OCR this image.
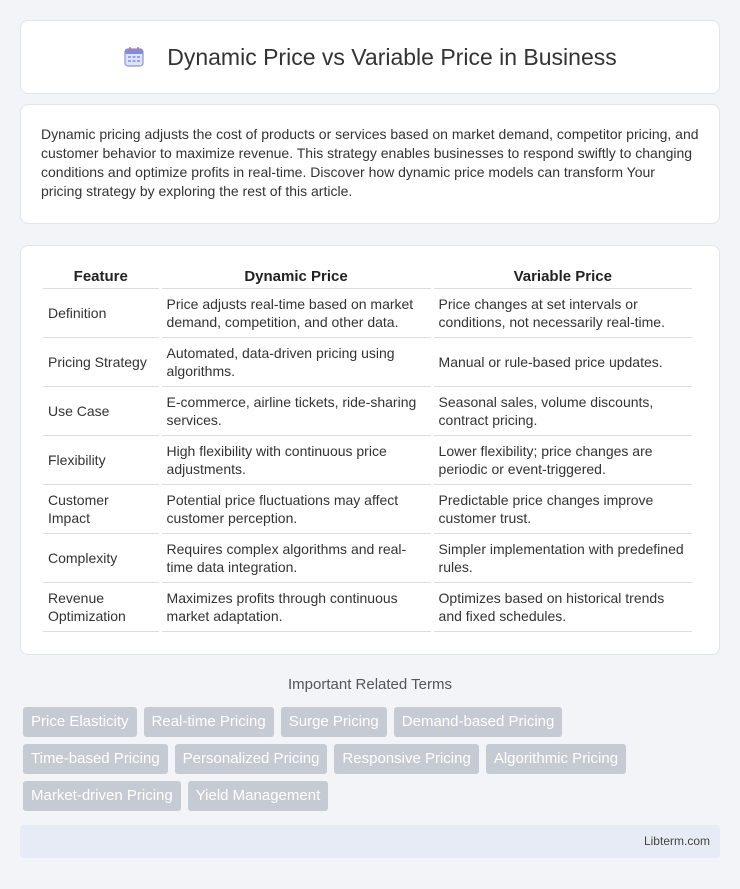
Dynamic Price vs Variable Price in Business

Dynamic pricing adjusts the cost of products or services based on market demand, competitor pricing, and customer behavior to maximize revenue. This strategy enables businesses to respond swiftly to changing conditions and optimize profits in real-time. Discover how dynamic price models can transform Your pricing strategy by exploring the rest of this article.

Feature	Dynamic Price	Variable Price
Definition	Price adjusts real-time based on market demand, competition, and other data.	Price changes at set intervals or conditions, not necessarily real-time.
Pricing Strategy	Automated, data-driven pricing using algorithms.	Manual or rule-based price updates.
Use Case	E-commerce, airline tickets, ride-sharing services.	Seasonal sales, volume discounts, contract pricing.
Flexibility	High flexibility with continuous price adjustments.	Lower flexibility; price changes are periodic or event-triggered.
Customer Impact	Potential price fluctuations may affect customer perception.	Predictable price changes improve customer trust.
Complexity	Requires complex algorithms and real-time data integration.	Simpler implementation with predefined rules.
Revenue Optimization	Maximizes profits through continuous market adaptation.	Optimizes based on historical trends and fixed schedules.
Important Related Terms
Price Elasticity	Real-time Pricing	Surge Pricing	Demand-based Pricing
Time-based Pricing	Personalized Pricing	Responsive Pricing	Algorithmic Pricing
Market-driven Pricing	Yield Management
Libterm.com
